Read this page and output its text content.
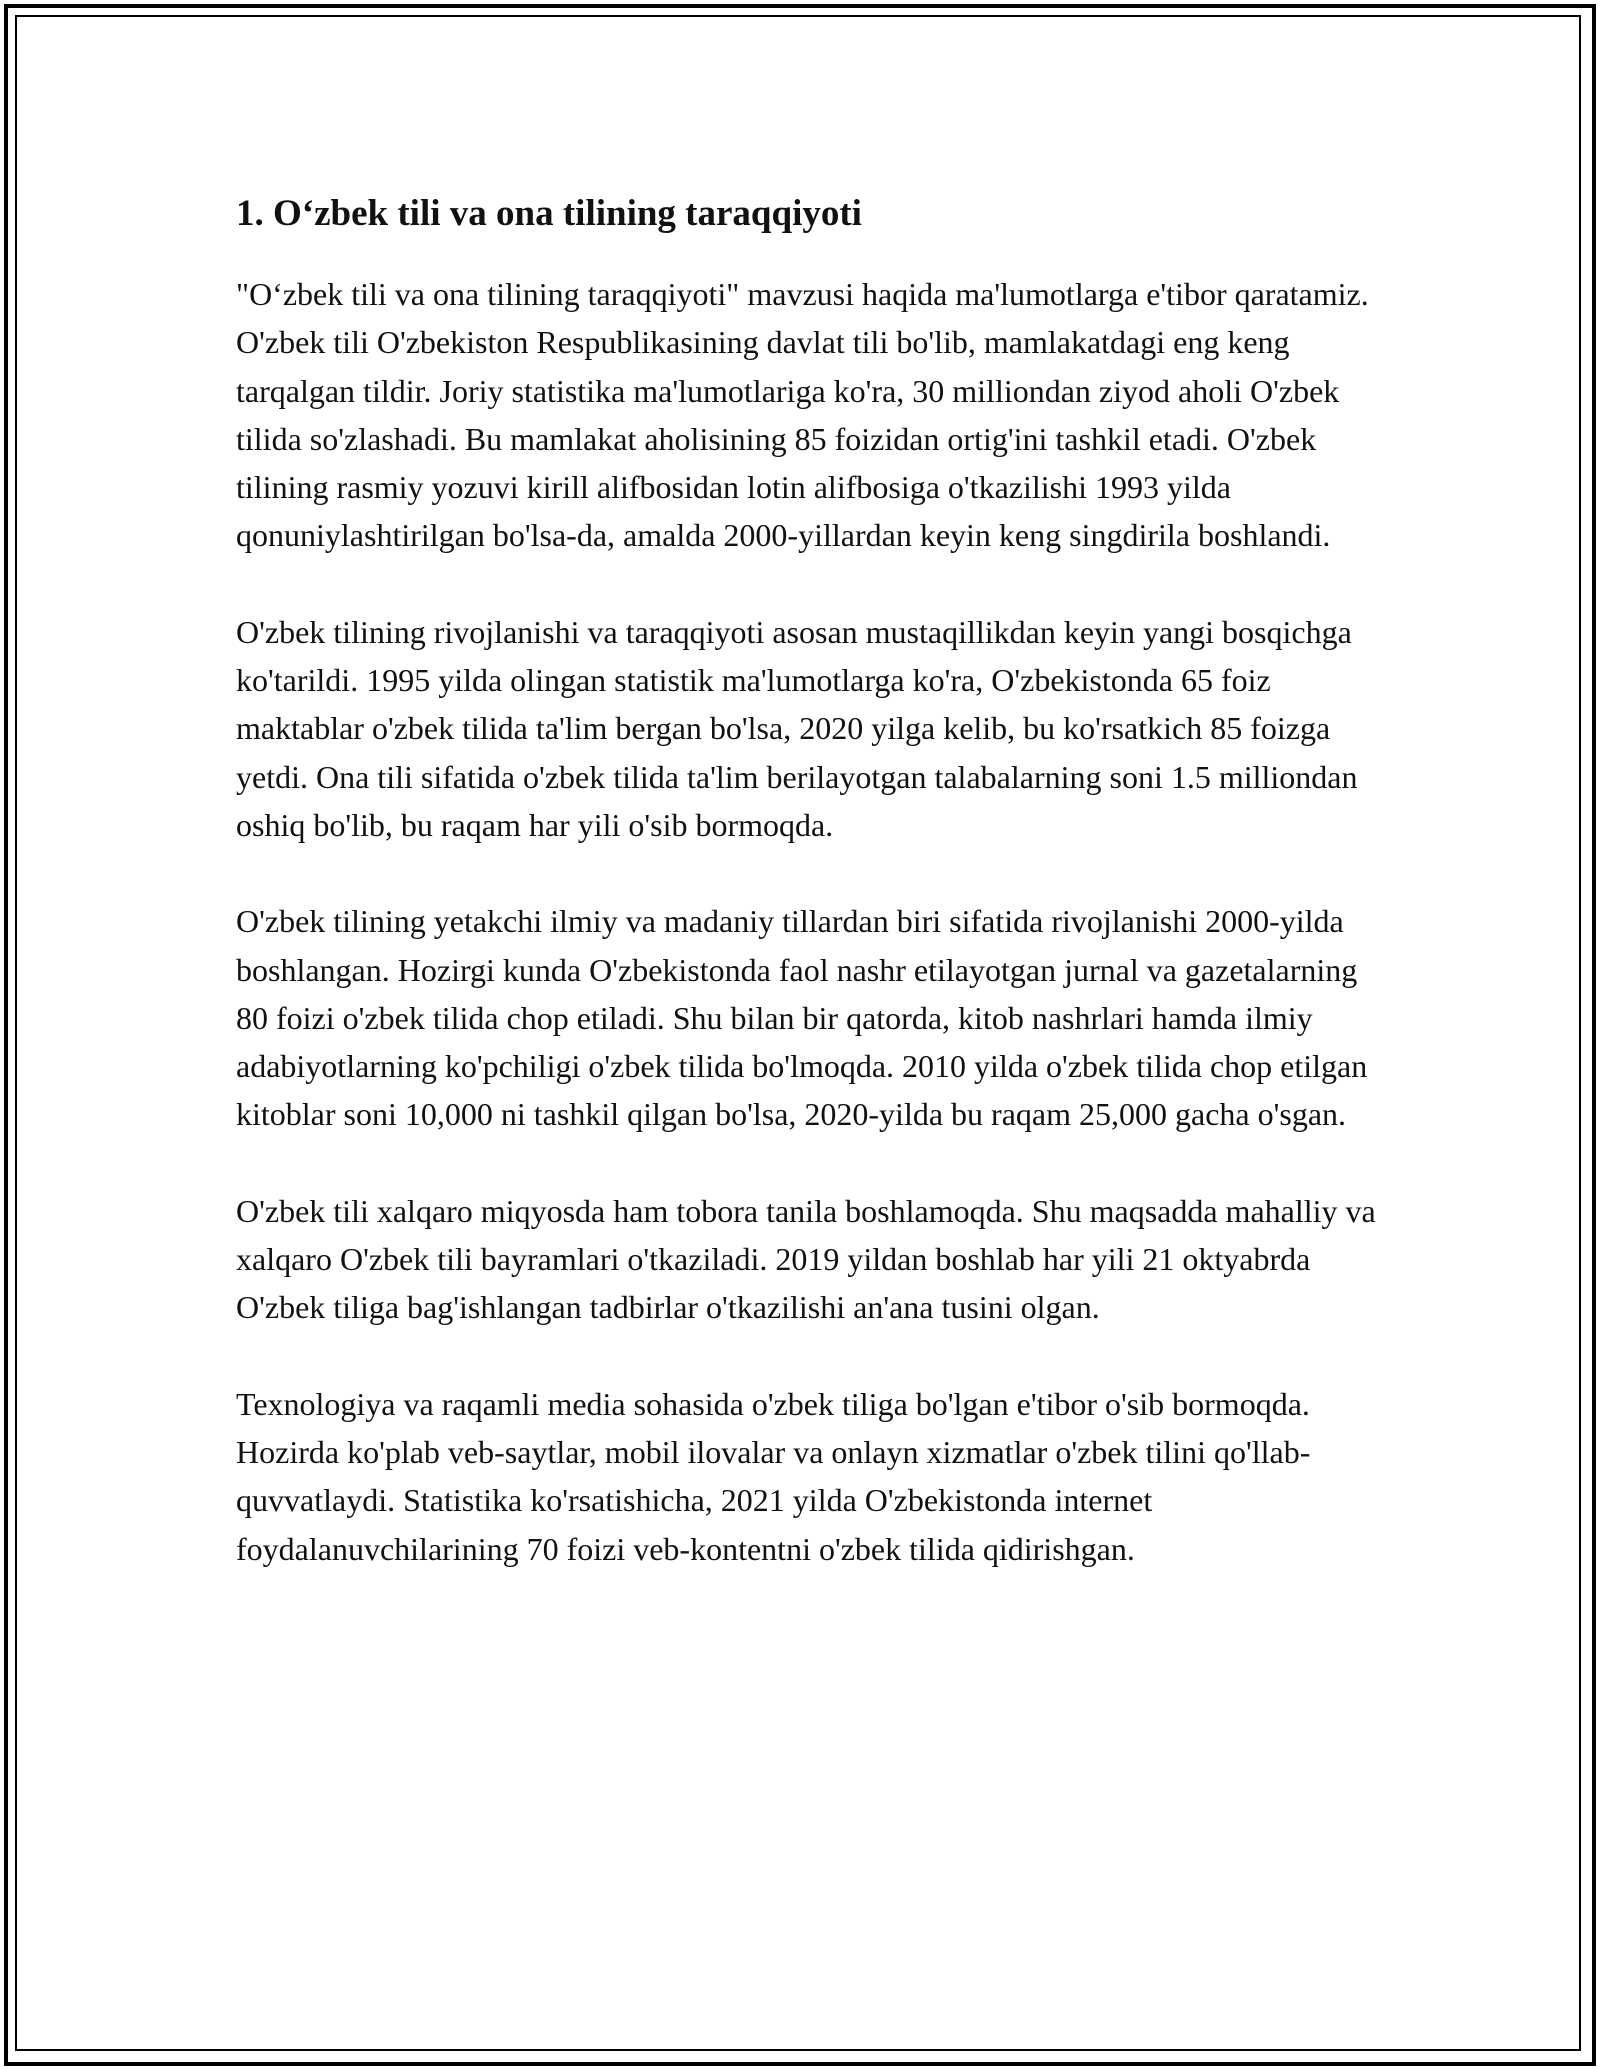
1. Oʻzbek tili va ona tilining taraqqiyoti

"Oʻzbek tili va ona tilining taraqqiyoti" mavzusi haqida ma'lumotlarga e'tibor qaratamiz. O'zbek tili O'zbekiston Respublikasining davlat tili bo'lib, mamlakatdagi eng keng tarqalgan tildir. Joriy statistika ma'lumotlariga ko'ra, 30 milliondan ziyod aholi O'zbek tilida so'zlashadi. Bu mamlakat aholisining 85 foizidan ortig'ini tashkil etadi. O'zbek tilining rasmiy yozuvi kirill alifbosidan lotin alifbosiga o'tkazilishi 1993 yilda qonuniylashtirilgan bo'lsa-da, amalda 2000-yillardan keyin keng singdirila boshlandi.

O'zbek tilining rivojlanishi va taraqqiyoti asosan mustaqillikdan keyin yangi bosqichga ko'tarildi. 1995 yilda olingan statistik ma'lumotlarga ko'ra, O'zbekistonda 65 foiz maktablar o'zbek tilida ta'lim bergan bo'lsa, 2020 yilga kelib, bu ko'rsatkich 85 foizga yetdi. Ona tili sifatida o'zbek tilida ta'lim berilayotgan talabalarning soni 1.5 milliondan oshiq bo'lib, bu raqam har yili o'sib bormoqda.

O'zbek tilining yetakchi ilmiy va madaniy tillardan biri sifatida rivojlanishi 2000-yilda boshlangan. Hozirgi kunda O'zbekistonda faol nashr etilayotgan jurnal va gazetalarning 80 foizi o'zbek tilida chop etiladi. Shu bilan bir qatorda, kitob nashrlari hamda ilmiy adabiyotlarning ko'pchiligi o'zbek tilida bo'lmoqda. 2010 yilda o'zbek tilida chop etilgan kitoblar soni 10,000 ni tashkil qilgan bo'lsa, 2020-yilda bu raqam 25,000 gacha o'sgan.

O'zbek tili xalqaro miqyosda ham tobora tanila boshlamoqda. Shu maqsadda mahalliy va xalqaro O'zbek tili bayramlari o'tkaziladi. 2019 yildan boshlab har yili 21 oktyabrda O'zbek tiliga bag'ishlangan tadbirlar o'tkazilishi an'ana tusini olgan.

Texnologiya va raqamli media sohasida o'zbek tiliga bo'lgan e'tibor o'sib bormoqda. Hozirda ko'plab veb-saytlar, mobil ilovalar va onlayn xizmatlar o'zbek tilini qo'llab-quvvatlaydi. Statistika ko'rsatishicha, 2021 yilda O'zbekistonda internet foydalanuvchilarining 70 foizi veb-kontentni o'zbek tilida qidirishgan.
